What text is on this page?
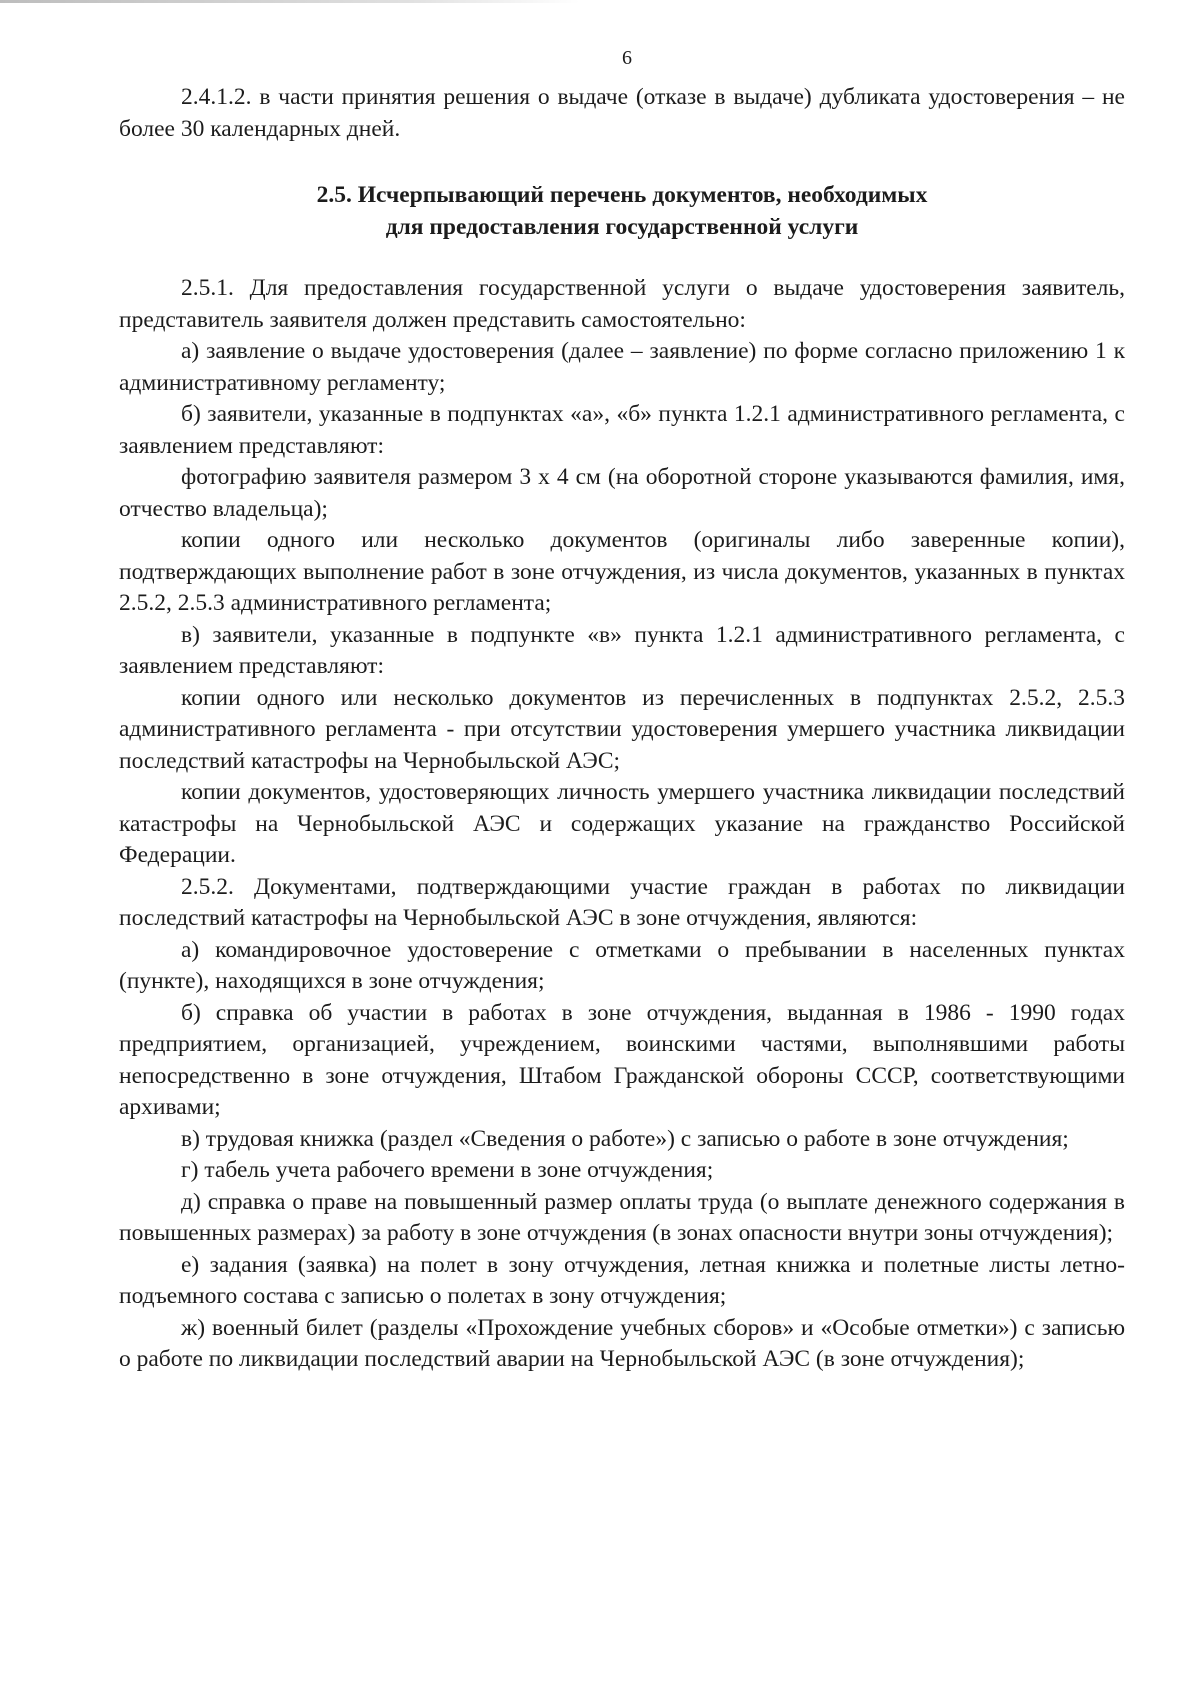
6

2.4.1.2. в части принятия решения о выдаче (отказе в выдаче) дубликата удостоверения – не более 30 календарных дней.

2.5. Исчерпывающий перечень документов, необходимых
для предоставления государственной услуги

2.5.1. Для предоставления государственной услуги о выдаче удостоверения заявитель, представитель заявителя должен представить самостоятельно:

а) заявление о выдаче удостоверения (далее – заявление) по форме согласно приложению 1 к административному регламенту;

б) заявители, указанные в подпунктах «а», «б» пункта 1.2.1 административного регламента, с заявлением представляют:

фотографию заявителя размером 3 х 4 см (на оборотной стороне указываются фамилия, имя, отчество владельца);

копии одного или несколько документов (оригиналы либо заверенные копии), подтверждающих выполнение работ в зоне отчуждения, из числа документов, указанных в пунктах 2.5.2, 2.5.3 административного регламента;

в) заявители, указанные в подпункте «в» пункта 1.2.1 административного регламента, с заявлением представляют:

копии одного или несколько документов из перечисленных в подпунктах 2.5.2, 2.5.3 административного регламента - при отсутствии удостоверения умершего участника ликвидации последствий катастрофы на Чернобыльской АЭС;

копии документов, удостоверяющих личность умершего участника ликвидации последствий катастрофы на Чернобыльской АЭС и содержащих указание на гражданство Российской Федерации.

2.5.2. Документами, подтверждающими участие граждан в работах по ликвидации последствий катастрофы на Чернобыльской АЭС в зоне отчуждения, являются:

а) командировочное удостоверение с отметками о пребывании в населенных пунктах (пункте), находящихся в зоне отчуждения;

б) справка об участии в работах в зоне отчуждения, выданная в 1986 - 1990 годах предприятием, организацией, учреждением, воинскими частями, выполнявшими работы непосредственно в зоне отчуждения, Штабом Гражданской обороны СССР, соответствующими архивами;

в) трудовая книжка (раздел «Сведения о работе») с записью о работе в зоне отчуждения;

г) табель учета рабочего времени в зоне отчуждения;

д) справка о праве на повышенный размер оплаты труда (о выплате денежного содержания в повышенных размерах) за работу в зоне отчуждения (в зонах опасности внутри зоны отчуждения);

е) задания (заявка) на полет в зону отчуждения, летная книжка и полетные листы летно-подъемного состава с записью о полетах в зону отчуждения;

ж) военный билет (разделы «Прохождение учебных сборов» и «Особые отметки») с записью о работе по ликвидации последствий аварии на Чернобыльской АЭС (в зоне отчуждения);
